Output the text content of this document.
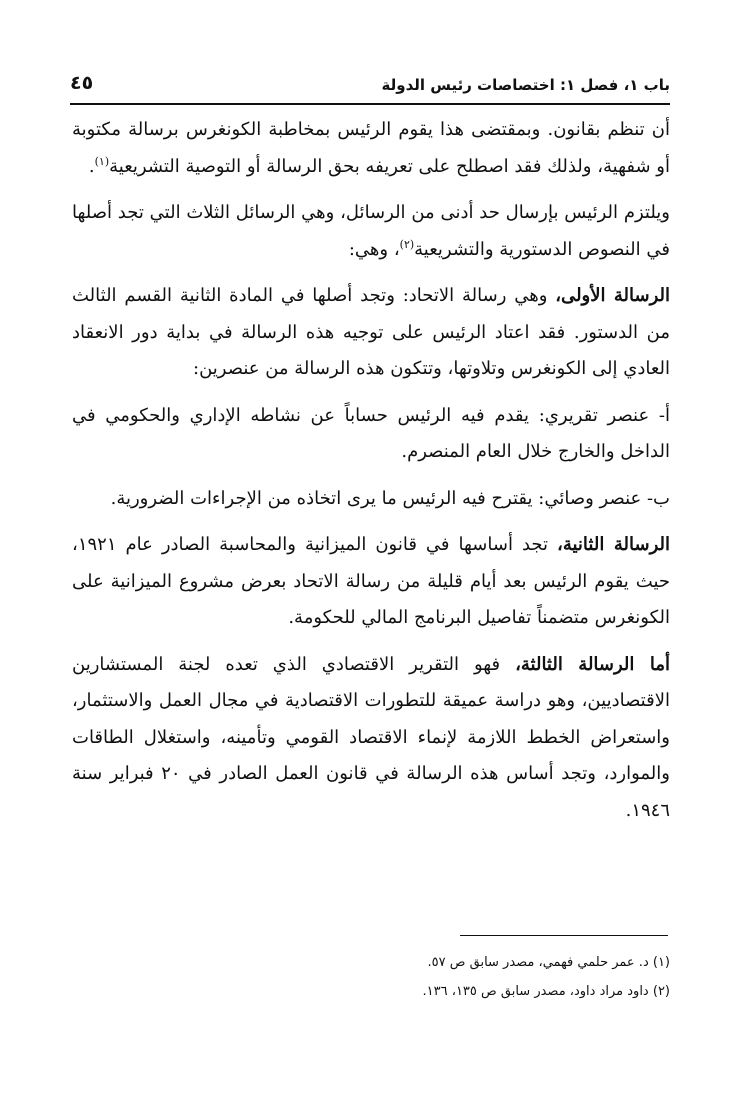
باب ١، فصل ١: اختصاصات رئيس الدولة
٤٥

أن تنظم بقانون. وبمقتضى هذا يقوم الرئيس بمخاطبة الكونغرس برسالة مكتوبة أو شفهية، ولذلك فقد اصطلح على تعريفه بحق الرسالة أو التوصية التشريعية$^{(١)}$.

ويلتزم الرئيس بإرسال حد أدنى من الرسائل، وهي الرسائل الثلاث التي تجد أصلها في النصوص الدستورية والتشريعية$^{(٢)}$، وهي:

الرسالة الأولى، وهي رسالة الاتحاد: وتجد أصلها في المادة الثانية القسم الثالث من الدستور. فقد اعتاد الرئيس على توجيه هذه الرسالة في بداية دور الانعقاد العادي إلى الكونغرس وتلاوتها، وتتكون هذه الرسالة من عنصرين:

أ- عنصر تقريري: يقدم فيه الرئيس حساباً عن نشاطه الإداري والحكومي في الداخل والخارج خلال العام المنصرم.

ب- عنصر وصائي: يقترح فيه الرئيس ما يرى اتخاذه من الإجراءات الضرورية.

الرسالة الثانية، تجد أساسها في قانون الميزانية والمحاسبة الصادر عام ١٩٢١، حيث يقوم الرئيس بعد أيام قليلة من رسالة الاتحاد بعرض مشروع الميزانية على الكونغرس متضمناً تفاصيل البرنامج المالي للحكومة.

أما الرسالة الثالثة، فهو التقرير الاقتصادي الذي تعده لجنة المستشارين الاقتصاديين، وهو دراسة عميقة للتطورات الاقتصادية في مجال العمل والاستثمار، واستعراض الخطط اللازمة لإنماء الاقتصاد القومي وتأمينه، واستغلال الطاقات والموارد، وتجد أساس هذه الرسالة في قانون العمل الصادر في ٢٠ فبراير سنة ١٩٤٦.

(١) د. عمر حلمي فهمي، مصدر سابق ص ٥٧.

(٢) داود مراد داود، مصدر سابق ص ١٣٥، ١٣٦.
